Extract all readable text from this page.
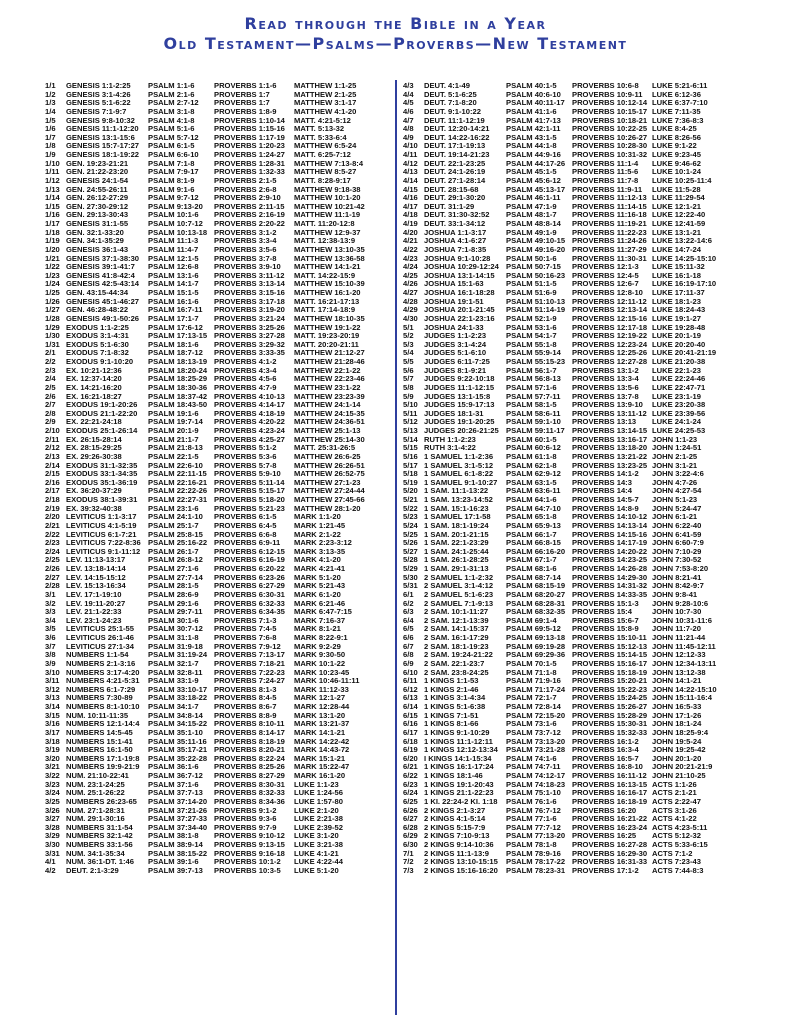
Read through the Bible in a Year
Old Testament—Psalms—Proverbs—New Testament
1/1	GENESIS 1:1-2:25	PSALM 1:1-6	PROVERBS 1:1-6	MATTHEW 1:1-25
1/2	GENESIS 3:1-4:26	PSALM 2:1-6	PROVERBS 1:7	MATTHEW 2:1-25
1/3	GENESIS 5:1-6:22	PSALM 2:7-12	PROVERBS 1:7	MATTHEW 3:1-17
1/4	GENESIS 7:1-9:7	PSALM 3:1-8	PROVERBS 1:8-9	MATTHEW 4:1-20
1/5	GENESIS 9:8-10:32	PSALM 4:1-8	PROVERBS 1:10-14	MATT. 4:21-5:12
1/6	GENESIS 11:1-12:20	PSALM 5:1-6	PROVERBS 1:15-16	MATT. 5:13-32
1/7	GENESIS 13:1-15:6	PSALM 5:7-12	PROVERBS 1:17-19	MATT. 5:33-6:4
1/8	GENESIS 15:7-17:27	PSALM 6:1-5	PROVERBS 1:20-23	MATTHEW 6:5-24
1/9	GENESIS 18:1-19:22	PSALM 6:6-10	PROVERBS 1:24-27	MATT. 6:25-7:12
1/10 GEN. 19:23-21:21	PSALM 7:1-8	PROVERBS 1:28-31	MATTHEW 7:13-8:4
1/11 GEN. 21:22-23:20	PSALM 7:9-17	PROVERBS 1:32-33	MATTHEW 8:5-27
1/12 GENESIS 24:1-54	PSALM 8:1-9	PROVERBS 2:1-5	MATT. 8:28-9:17
1/13 GEN. 24:55-26:11	PSALM 9:1-6	PROVERBS 2:6-8	MATTHEW 9:18-38
1/14 GEN. 26:12-27:29	PSALM 9:7-12	PROVERBS 2:9-10	MATTHEW 10:1-20
1/15 GEN. 27:30-29:12	PSALM 9:13-20	PROVERBS 2:11-15	MATTHEW 10:21-42
1/16 GEN. 29:13-30:43	PSALM 10:1-6	PROVERBS 2:16-19	MATTHEW 11:1-19
1/17 GENESIS 31:1-55	PSALM 10:7-12	PROVERBS 2:20-22	MATT. 11:20-12:8
1/18 GEN. 32:1-33:20	PSALM 10:13-18 PROVERBS 3:1-2	MATTHEW 12:9-37
1/19 GEN. 34:1-35:29	PSALM 11:1-3	PROVERBS 3:3-4	MATT. 12:38-13:9
1/20 GENESIS 36:1-43	PSALM 11:4-7	PROVERBS 3:5-6	MATTHEW 13:10-35
1/21 GENESIS 37:1-38:30	PSALM 12:1-5	PROVERBS 3:7-8	MATTHEW 13:36-58
1/22 GENESIS 39:1-41:7	PSALM 12:6-8	PROVERBS 3:9-10	MATTHEW 14:1-21
1/23 GENESIS 41:8-42:4	PSALM 13:1-6	PROVERBS 3:11-12	MATT. 14:22-15:9
1/24 GENESIS 42:5-43:14	PSALM 14:1-7	PROVERBS 3:13-14	MATTHEW 15:10-39
1/25 GEN. 43:15-44:34	PSALM 15:1-5	PROVERBS 3:15-16	MATTHEW 16:1-20
1/26 GENESIS 45:1-46:27	PSALM 16:1-6	PROVERBS 3:17-18	MATT. 16:21-17:13
1/27 GEN. 46:28-48:22	PSALM 16:7-11	PROVERBS 3:19-20	MATT. 17:14-18:9
1/28 GENESIS 49:1-50:26	PSALM 17:1-7	PROVERBS 3:21-24	MATTHEW 18:10-35
1/29 EXODUS 1:1-2:25	PSALM 17:6-12	PROVERBS 3:25-26	MATTHEW 19:1-22
1/30 EXODUS 3:1-4:31	PSALM 17:13-15 PROVERBS 3:27-28	MATT. 19:23-20:19
1/31 EXODUS 5:1-6:30	PSALM 18:1-6	PROVERBS 3:29-32	MATT. 20:20-21:11
2/1	EXODUS 7:1-8:32	PSALM 18:7-12	PROVERBS 3:33-35	MATTHEW 21:12-27
2/2	EXODUS 9:1-10:20	PSALM 18:13-19 PROVERBS 4:1-2	MATTHEW 21:28-46
2/3	EX. 10:21-12:36	PSALM 18:20-24 PROVERBS 4:3-4	MATTHEW 22:1-22
2/4	EX. 12:37-14:20	PSALM 18:25-29 PROVERBS 4:5-6	MATTHEW 22:23-46
2/5	EX. 14:21-16:20	PSALM 18:30-36 PROVERBS 4:7-9	MATTHEW 23:1-22
2/6	EX. 16:21-18:27	PSALM 18:37-42 PROVERBS 4:10-13	MATTHEW 23:23-39
2/7	EXODUS 19:1-20:26	PSALM 18:43-50 PROVERBS 4:14-17	MATTHEW 24:1-14
2/8	EXODUS 21:1-22:20	PSALM 19:1-6	PROVERBS 4:18-19	MATTHEW 24:15-35
2/9	EX. 22:21-24:18	PSALM 19:7-14	PROVERBS 4:20-22	MATTHEW 24:36-51
2/10 EXODUS 25:1-26:14	PSALM 20:1-9	PROVERBS 4:23-24	MATTHEW 25:1-13
2/11 EX. 26:15-28:14	PSALM 21:1-7	PROVERBS 4:25-27	MATTHEW 25:14-30
2/12 EX. 28:15-29:25	PSALM 21:8-13	PROVERBS 5:1-2	MATT. 25:31-26:5
2/13 EX. 29:26-30:38	PSALM 22:1-5	PROVERBS 5:3-6	MATTHEW 26:6-25
2/14 EXODUS 31:1-32:35	PSALM 22:6-10	PROVERBS 5:7-8	MATTHEW 26:26-51
2/15 EXODUS 33:1-34:35	PSALM 22:11-15 PROVERBS 5:9-10	MATTHEW 26:52-75
2/16 EXODUS 35:1-36:19	PSALM 22:16-21 PROVERBS 5:11-14	MATTHEW 27:1-23
2/17 EX. 36:20-37:29	PSALM 22:22-26 PROVERBS 5:15-17	MATTHEW 27:24-44
2/18 EXODUS 38:1-39:31	PSALM 22:27-31 PROVERBS 5:18-20	MATTHEW 27:45-66
2/19 EX. 39:32-40:38	PSALM 23:1-6	PROVERBS 5:21-23	MATTHEW 28:1-20
2/20 LEVITICUS 1:1-3:17	PSALM 24:1-10	PROVERBS 6:1-5	MARK 1:1-20
2/21 LEVITICUS 4:1-5:19	PSALM 25:1-7	PROVERBS 6:4-5	MARK 1:21-45
2/22 LEVITICUS 6:1-7:21	PSALM 25:8-15	PROVERBS 6:6-8	MARK 2:1-22
2/23 LEVITICUS 7:22-8:36 PSALM 25:16-22 PROVERBS 6:9-11	MARK 2:23-3:12
2/24 LEVITICUS 9:1-11:12	PSALM 26:1-7	PROVERBS 6:12-15	MARK 3:13-35
2/25 LEV. 11:13-13:17	PSALM 26:8-12	PROVERBS 6:16-19	MARK 4:1-20
2/26 LEV. 13:18-14:14	PSALM 27:1-6	PROVERBS 6:20-22	MARK 4:21-41
2/27 LEV. 14:15-15:12	PSALM 27:7-14	PROVERBS 6:23-26	MARK 5:1-20
2/28 LEV. 15:13-16:34	PSALM 28:1-5	PROVERBS 6:27-29	MARK 5:21-43
3/1	LEV. 17:1-19:10	PSALM 28:6-9	PROVERBS 6:30-31	MARK 6:1-20
3/2	LEV. 19:11-20:27	PSALM 29:1-6	PROVERBS 6:32-33	MARK 6:21-46
3/3	LEV. 21:1-22:33	PSALM 29:7-11	PROVERBS 6:34-35	MARK 6:47-7:15
3/4	LEV. 23:1-24:23	PSALM 30:1-6	PROVERBS 7:1-3	MARK 7:16-37
3/5	LEVITICUS 25:1-55	PSALM 30:7-12	PROVERBS 7:4-5	MARK 8:1-21
3/6	LEVITICUS 26:1-46	PSALM 31:1-8	PROVERBS 7:6-8	MARK 8:22-9:1
3/7	LEVITICUS 27:1-34	PSALM 31:9-18	PROVERBS 7:9-12	MARK 9:2-29
3/8	NUMBERS 1:1-54	PSALM 31:19-24 PROVERBS 7:13-17	MARK 9:30-50
3/9	NUMBERS 2:1-3:16	PSALM 32:1-7	PROVERBS 7:18-21	MARK 10:1-22
3/10 NUMBERS 3:17-4:20	PSALM 32:8-11	PROVERBS 7:22-23	MARK 10:23-45
3/11 NUMBERS 4:21-5:31	PSALM 33:1-9	PROVERBS 7:24-27	MARK 10:46-11:11
3/12 NUMBERS 6:1-7:29	PSALM 33:10-17 PROVERBS 8:1-3	MARK 11:12-33
3/13 NUMBERS 7:30-89	PSALM 33:18-22 PROVERBS 8:4-5	MARK 12:1-27
3/14 NUMBERS 8:1-10:10	PSALM 34:1-7	PROVERBS 8:6-7	MARK 12:28-44
3/15 NUM. 10:11-11:35	PSALM 34:8-14	PROVERBS 8:8-9	MARK 13:1-20
3/16 NUMBERS 12:1-14:4	PSALM 34:15-22 PROVERBS 8:10-11	MARK 13:21-37
3/17 NUMBERS 14:5-45	PSALM 35:1-10	PROVERBS 8:14-17	MARK 14:1-21
3/18 NUMBERS 15:1-41	PSALM 35:11-16 PROVERBS 8:18-19	MARK 14:22-42
3/19 NUMBERS 16:1-50	PSALM 35:17-21 PROVERBS 8:20-21	MARK 14:43-72
3/20 NUMBERS 17:1-19:8	PSALM 35:22-28 PROVERBS 8:22-24	MARK 15:1-21
3/21 NUMBERS 19:9-21:9	PSALM 36:1-6	PROVERBS 8:25-26	MARK 15:22-47
3/22 NUM. 21:10-22:41	PSALM 36:7-12	PROVERBS 8:27-29	MARK 16:1-20
3/23 NUM. 23:1-24:25	PSALM 37:1-6	PROVERBS 8:30-31	LUKE 1:1-23
3/24 NUM. 25:1-26:22	PSALM 37:7-13	PROVERBS 8:32-33	LUKE 1:24-56
3/25 NUMBERS 26:23-65	PSALM 37:14-20 PROVERBS 8:34-36	LUKE 1:57-80
3/26 NUM. 27:1-28:31	PSALM 37:21-26 PROVERBS 9:1-2	LUKE 2:1-20
3/27 NUM. 29:1-30:16	PSALM 37:27-33 PROVERBS 9:3-6	LUKE 2:21-38
3/28 NUMBERS 31:1-54	PSALM 37:34-40 PROVERBS 9:7-9	LUKE 2:39-52
3/29 NUMBERS 32:1-42	PSALM 38:1-8	PROVERBS 9:10-12	LUKE 3:1-20
3/30 NUMBERS 33:1-56	PSALM 38:9-14	PROVERBS 9:13-15	LUKE 3:21-38
3/31 NUM. 34:1-35:34	PSALM 38:15-22 PROVERBS 9:16-18	LUKE 4:1-21
4/1	NUM. 36:1-DT. 1:46	PSALM 39:1-6	PROVERBS 10:1-2	LUKE 4:22-44
4/2	DEUT. 2:1-3:29	PSALM 39:7-13	PROVERBS 10:3-5	LUKE 5:1-20
4/3	DEUT. 4:1-49	PSALM 40:1-5	PROVERBS 10:6-8	LUKE 5:21-6:11
4/4	DEUT. 5:1-6:25	PSALM 40:6-10	PROVERBS 10:9-11	LUKE 6:12-36
4/5	DEUT. 7:1-8:20	PSALM 40:11-17 PROVERBS 10:12-14 LUKE 6:37-7:10
4/6	DEUT. 9:1-10:22	PSALM 41:1-6	PROVERBS 10:15-17 LUKE 7:11-35
4/7	DEUT. 11:1-12:19	PSALM 41:7-13	PROVERBS 10:18-21 LUKE 7:36-8:3
4/8	DEUT. 12:20-14:21	PSALM 42:1-11	PROVERBS 10:22-25 LUKE 8:4-25
4/9	DEUT. 14:22-16:22	PSALM 43:1-5	PROVERBS 10:26-27 LUKE 8:26-56
4/10 DEUT. 17:1-19:13	PSALM 44:1-8	PROVERBS 10:28-30 LUKE 9:1-22
4/11 DEUT. 19:14-21:23	PSALM 44:9-16	PROVERBS 10:31-32 LUKE 9:23-45
4/12 DEUT. 22:1-23:25	PSALM 44:17-26 PROVERBS 11:1-4	LUKE 9:46-62
4/13 DEUT. 24:1-26:19	PSALM 45:1-5	PROVERBS 11:5-6	LUKE 10:1-24
4/14 DEUT. 27:1-28:14	PSALM 45:6-12	PROVERBS 11:7-8	LUKE 10:25-11:4
4/15 DEUT. 28:15-68	PSALM 45:13-17 PROVERBS 11:9-11	LUKE 11:5-28
4/16 DEUT. 29:1-30:20	PSALM 46:1-11	PROVERBS 11:12-13 LUKE 11:29-54
4/17 DEUT. 31:1-29	PSALM 47:1-9	PROVERBS 11:14-15 LUKE 12:1-21
4/18 DEUT. 31:30-32:52	PSALM 48:1-7	PROVERBS 11:16-18 LUKE 12:22-40
4/19 DEUT. 33:1-34:12	PSALM 48:8-14	PROVERBS 11:19-21 LUKE 12:41-59
4/20 JOSHUA 1:1-3:17	PSALM 49:1-9	PROVERBS 11:22-23 LUKE 13:1-21
4/21 JOSHUA 4:1-6:27	PSALM 49:10-15 PROVERBS 11:24-26 LUKE 13:22-14:6
4/22 JOSHUA 7:1-8:35	PSALM 49:16-20 PROVERBS 11:27-29 LUKE 14:7-24
4/23 JOSHUA 9:1-10:28	PSALM 50:1-6	PROVERBS 11:30-31 LUKE 14:25-15:10
4/24 JOSHUA 10:29-12:24 PSALM 50:7-15	PROVERBS 12:1-3	LUKE 15:11-32
4/25 JOSHUA 13:1-14:15	PSALM 50:16-23 PROVERBS 12:4-5	LUKE 16:1-18
4/26 JOSHUA 15:1-63	PSALM 51:1-5	PROVERBS 12:6-7	LUKE 16:19-17:10
4/27 JOSHUA 16:1-18:28	PSALM 51:6-9	PROVERBS 12:8-10	LUKE 17:11-37
4/28 JOSHUA 19:1-51	PSALM 51:10-13 PROVERBS 12:11-12 LUKE 18:1-23
4/29 JOSHUA 20:1-21:45	PSALM 51:14-19 PROVERBS 12:13-14 LUKE 18:24-43
4/30 JOSHUA 22:1-23:16	PSALM 52:1-9	PROVERBS 12:15-16 LUKE 19:1-27
5/1	JOSHUA 24:1-33	PSALM 53:1-6	PROVERBS 12:17-18 LUKE 19:28-48
5/2	JUDGES 1:1-2:23	PSALM 54:1-7	PROVERBS 12:19-22 LUKE 20:1-19
5/3	JUDGES 3:1-4:24	PSALM 55:1-8	PROVERBS 12:23-24 LUKE 20:20-40
5/4	JUDGES 5:1-6:10	PSALM 55:9-14	PROVERBS 12:25-26 LUKE 20:41-21:19
5/5	JUDGES 6:11-7:25	PSALM 55:15-23 PROVERBS 12:27-28 LUKE 21:20-38
5/6	JUDGES 8:1-9:21	PSALM 56:1-7	PROVERBS 13:1-2	LUKE 22:1-23
5/7	JUDGES 9:22-10:18	PSALM 56:8-13	PROVERBS 13:3-4	LUKE 22:24-46
5/8	JUDGES 11:1-12:15	PSALM 57:1-6	PROVERBS 13:5-6	LUKE 22:47-71
5/9	JUDGES 13:1-15:8	PSALM 57:7-11	PROVERBS 13:7-8	LUKE 23:1-19
5/10 JUDGES 15:9-17:13	PSALM 58:1-5	PROVERBS 13:9-10	LUKE 23:20-38
5/11 JUDGES 18:1-31	PSALM 58:6-11	PROVERBS 13:11-12 LUKE 23:39-56
5/12 JUDGES 19:1-20:25	PSALM 59:1-10	PROVERBS 13:13	LUKE 24:1-24
5/13 JUDGES 20:26-21:25 PSALM 59:11-17 PROVERBS 13:14-15 LUKE 24:25-53
5/14 RUTH 1:1-2:23	PSALM 60:1-5	PROVERBS 13:16-17 JOHN 1:1-23
5/15 RUTH 3:1-4:22	PSALM 60:6-12	PROVERBS 13:18-20 JOHN 1:24-51
5/16 1 SAMUEL 1:1-2:36	PSALM 61:1-8	PROVERBS 13:21-22 JOHN 2:1-25
5/17 1 SAMUEL 3:1-5:12	PSALM 62:1-8	PROVERBS 13:23-25 JOHN 3:1-21
5/18 1 SAMUEL 6:1-8:22	PSALM 62:9-12	PROVERBS 14:1-2	JOHN 3:22-4:6
5/19 1 SAMUEL 9:1-10:27	PSALM 63:1-5	PROVERBS 14:3	JOHN 4:7-26
5/20 1 SAM. 11:1-13:22	PSALM 63:6-11	PROVERBS 14:4	JOHN 4:27-54
5/21 1 SAM. 13:23-14:52	PSALM 64:1-6	PROVERBS 14:5-7	JOHN 5:1-23
5/22 1 SAM. 15:1-16:23	PSALM 64:7-10	PROVERBS 14:8-9	JOHN 5:24-47
5/23 1 SAMUEL 17:1-58	PSALM 65:1-8	PROVERBS 14:10-12 JOHN 6:1-21
5/24 1 SAM. 18:1-19:24	PSALM 65:9-13	PROVERBS 14:13-14 JOHN 6:22-40
5/25 1 SAM. 20:1-21:15	PSALM 66:1-7	PROVERBS 14:15-16 JOHN 6:41-59
5/26 1 SAM. 22:1-23:29	PSALM 66:8-15	PROVERBS 14:17-19 JOHN 6:60-7:9
5/27 1 SAM. 24:1-25:44	PSALM 66:16-20 PROVERBS 14:20-22 JOHN 7:10-29
5/28 1 SAM. 26:1-28:25	PSALM 67:1-7	PROVERBS 14:23-25 JOHN 7:30-52
5/29 1 SAM. 29:1-31:13	PSALM 68:1-6	PROVERBS 14:26-28 JOHN 7:53-8:20
5/30 2 SAMUEL 1:1-2:32	PSALM 68:7-14	PROVERBS 14:29-30 JOHN 8:21-41
5/31 2 SAMUEL 3:1-4:12	PSALM 68:15-19 PROVERBS 14:31-32 JOHN 8:42-9:7
6/1	2 SAMUEL 5:1-6:23	PSALM 68:20-27 PROVERBS 14:33-35 JOHN 9:8-41
6/2	2 SAMUEL 7:1-9:13	PSALM 68:28-31 PROVERBS 15:1-3	JOHN 9:28-10:6
6/3	2 SAM. 10:1-11:27	PSALM 68:32-35 PROVERBS 15:4	JOHN 10:7-30
6/4	2 SAM. 12:1-13:39	PSALM 69:1-4	PROVERBS 15:6-7	JOHN 10:31-11:6
6/5	2 SAM. 14:1-15:37	PSALM 69:5-12	PROVERBS 15:8-9	JOHN 11:7-20
6/6	2 SAM. 16:1-17:29	PSALM 69:13-18 PROVERBS 15:10-11 JOHN 11:21-44
6/7	2 SAM. 18:1-19:23	PSALM 69:19-28 PROVERBS 15:12-13 JOHN 11:45-12:11
6/8	2 SAM. 19:24-21:22	PSALM 69:29-36 PROVERBS 15:14-15 JOHN 12:12-33
6/9	2 SAM. 22:1-23:7	PSALM 70:1-5	PROVERBS 15:16-17 JOHN 12:34-13:11
6/10 2 SAM. 23:8-24:25	PSALM 71:1-8	PROVERBS 15:18-19 JOHN 13:12-38
6/11 1 KINGS 1:1-53	PSALM 71:9-16	PROVERBS 15:20-21 JOHN 14:1-21
6/12 1 KINGS 2:1-46	PSALM 71:17-24 PROVERBS 15:22-23 JOHN 14:22-15:10
6/13 1 KINGS 3:1-4:34	PSALM 72:1-7	PROVERBS 15:24-25 JOHN 15:11-16:4
6/14 1 KINGS 5:1-6:38	PSALM 72:8-14	PROVERBS 15:26-27 JOHN 16:5-33
6/15 1 KINGS 7:1-51	PSALM 72:15-20 PROVERBS 15:28-29 JOHN 17:1-26
6/16 1 KINGS 8:1-66	PSALM 73:1-6	PROVERBS 15:30-31 JOHN 18:1-24
6/17 1 KINGS 9:1-10:29	PSALM 73:7-12	PROVERBS 15:32-33 JOHN 18:25-9:4
6/18 1 KINGS 11:1-12:11	PSALM 73:13-20 PROVERBS 16:1-2	JOHN 19:5-24
6/19 1 KINGS 12:12-13:34	PSALM 73:21-28 PROVERBS 16:3-4	JOHN 19:25-42
6/20 I KINGS 14:1-15:34	PSALM 74:1-6	PROVERBS 16:5-7	JOHN 20:1-20
6/21 1 KINGS 16:1-17:24	PSALM 74:7-11	PROVERBS 16:8-10	JOHN 20:21-21:9
6/22 1 KINGS 18:1-46	PSALM 74:12-17 PROVERBS 16:11-12 JOHN 21:10-25
6/23 1 KINGS 19:1-20:43	PSALM 74:18-23 PROVERBS 16:13-15 ACTS 1:1-26
6/24 1 KINGS 21:1-22:23	PSALM 75:1-10	PROVERBS 16:16-17 ACTS 2:1-21
6/25 1 KI. 22:24-2 KI. 1:18	PSALM 76:1-6	PROVERBS 16:18-19 ACTS 2:22-47
6/26 2 KINGS 2:1-3:27	PSALM 76:7-12	PROVERBS 16:20	ACTS 3:1-26
6/27 2 KINGS 4:1-5:14	PSALM 77:1-6	PROVERBS 16:21-22 ACTS 4:1-22
6/28 2 KINGS 5:15-7:9	PSALM 77:7-12	PROVERBS 16:23-24 ACTS 4:23-5:11
6/29 2 KINGS 7:10-9:13	PSALM 77:13-20 PROVERBS 16:25	ACTS 5:12-32
6/30 2 KINGS 9:14-10:36	PSALM 78:1-8	PROVERBS 16:27-28 ACTS 5:33-6:15
7/1	2 KINGS 11:1-13:9	PSALM 78:9-16	PROVERBS 16:29-30 ACTS 7:1-2
7/2	2 KINGS 13:10-15:15	PSALM 78:17-22 PROVERBS 16:31-33 ACTS 7:23-43
7/3	2 KINGS 15:16-16:20	PSALM 78:23-31 PROVERBS 17:1-2	ACTS 7:44-8:3
